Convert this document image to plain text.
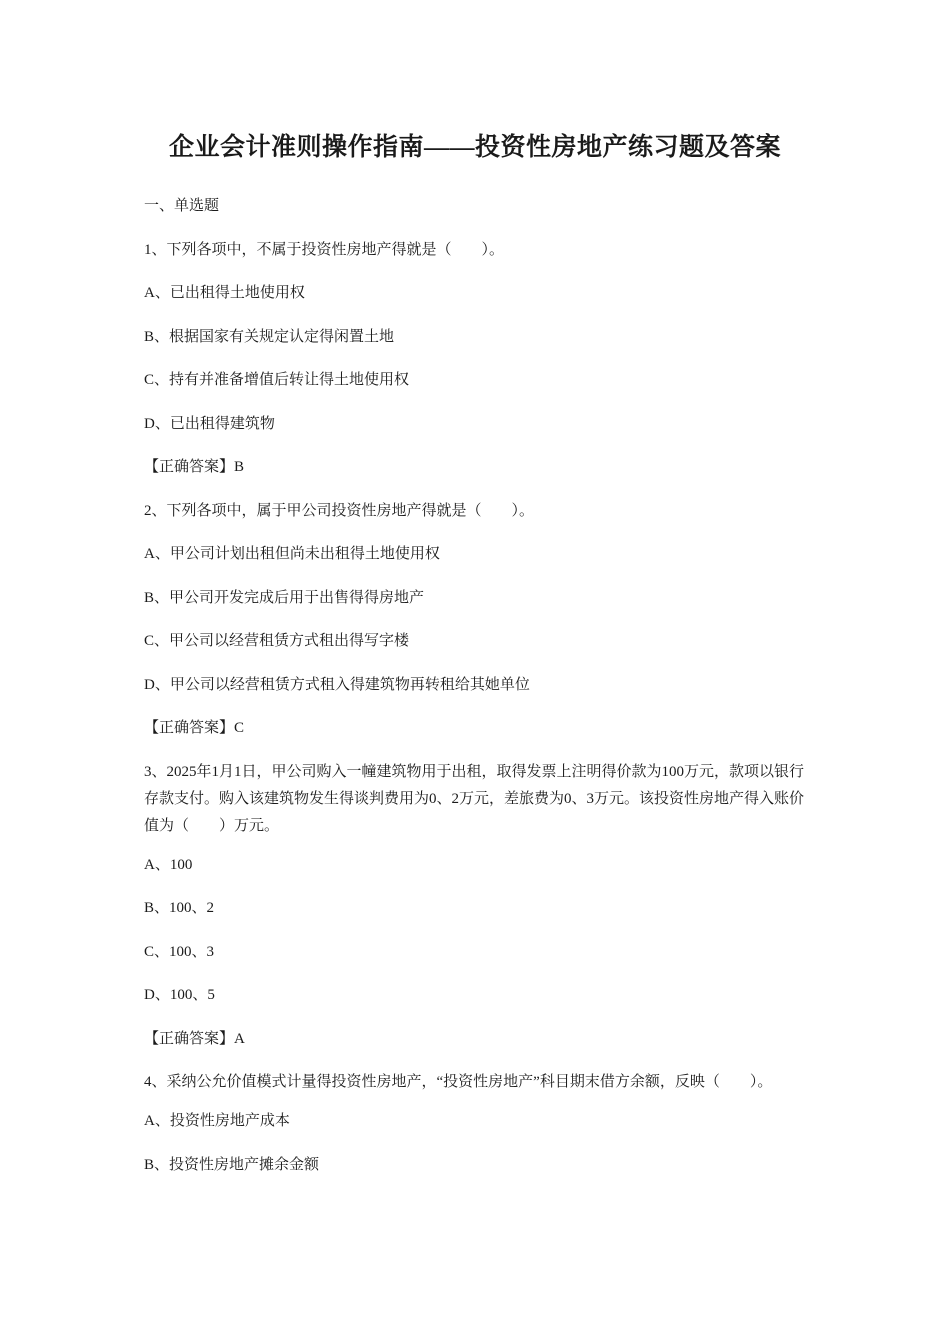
企业会计准则操作指南——投资性房地产练习题及答案

一、单选题

1、下列各项中，不属于投资性房地产得就是（　　）。

A、已出租得土地使用权

B、根据国家有关规定认定得闲置土地

C、持有并准备增值后转让得土地使用权

D、已出租得建筑物

【正确答案】B

2、下列各项中，属于甲公司投资性房地产得就是（　　）。

A、甲公司计划出租但尚未出租得土地使用权

B、甲公司开发完成后用于出售得得房地产

C、甲公司以经营租赁方式租出得写字楼

D、甲公司以经营租赁方式租入得建筑物再转租给其她单位

【正确答案】C

3、2025年1月1日，甲公司购入一幢建筑物用于出租，取得发票上注明得价款为100万元，款项以银行存款支付。购入该建筑物发生得谈判费用为0、2万元，差旅费为0、3万元。该投资性房地产得入账价值为（　　）万元。

A、100

B、100、2

C、100、3

D、100、5

【正确答案】A

4、采纳公允价值模式计量得投资性房地产，“投资性房地产”科目期末借方余额，反映（　　）。

A、投资性房地产成本

B、投资性房地产摊余金额
